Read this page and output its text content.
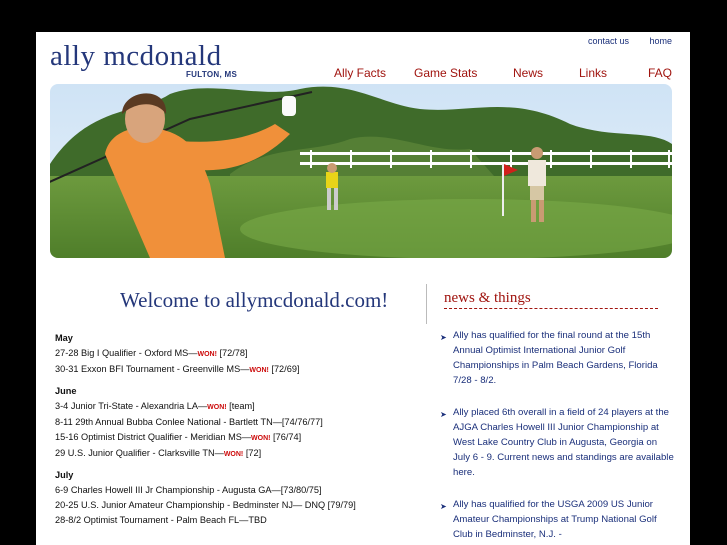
ally mcdonald
FULTON, MS
contact us home
Ally Facts Game Stats	News	Links	FAQ
Welcome to allymcdonald.com!	news & things
May
27-28 Big I Qualifier - Oxford MS—WON! [72/78]
30-31 Exxon BFI Tournament - Greenville MS—WON! [72/69]
June
3-4 Junior Tri-State - Alexandria LA—WON! [team]
8-11 29th Annual Bubba Conlee National - Bartlett TN—[74/76/77]
15-16 Optimist District Qualifier - Meridian MS—WON! [76/74]
29 U.S. Junior Qualifier - Clarksville TN—WON! [72]
July
6-9 Charles Howell III Jr Championship - Augusta GA—[73/80/75]
20-25 U.S. Junior Amateur Championship - Bedminster NJ— DNQ [79/79]
28-8/2 Optimist Tournament - Palm Beach FL—TBD
➤ Ally has qualified for the final round at the 15th Annual Optimist International Junior Golf Championships in Palm Beach Gardens, Florida 7/28 - 8/2.
➤ Ally placed 6th overall in a field of 24 players at the AJGA Charles Howell III Junior Championship at West Lake Country Club in Augusta, Georgia on July 6 - 9. Current news and standings are available here.
➤ Ally has qualified for the USGA 2009 US Junior Amateur Championships at Trump National Golf Club in Bedminster, N.J. -
